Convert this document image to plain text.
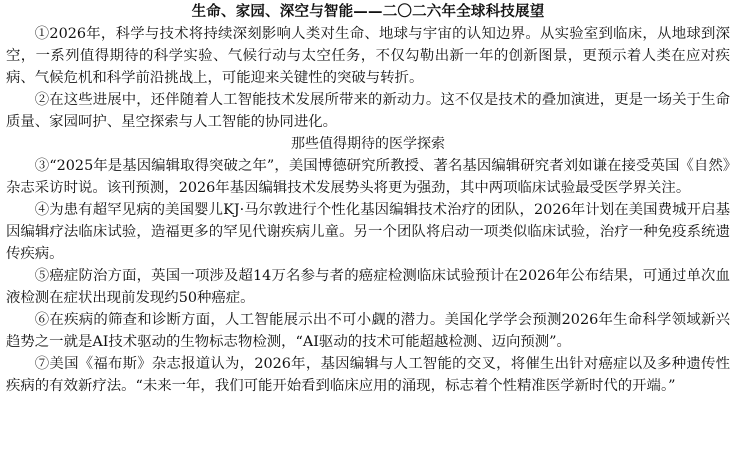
生命、家园、深空与智能——二〇二六年全球科技展望

①2026年，科学与技术将持续深刻影响人类对生命、地球与宇宙的认知边界。从实验室到临床，从地球到深空，一系列值得期待的科学实验、气候行动与太空任务，不仅勾勒出新一年的创新图景，更预示着人类在应对疾病、气候危机和科学前沿挑战上，可能迎来关键性的突破与转折。

②在这些进展中，还伴随着人工智能技术发展所带来的新动力。这不仅是技术的叠加演进，更是一场关于生命质量、家园呵护、星空探索与人工智能的协同进化。

那些值得期待的医学探索

③“2025年是基因编辑取得突破之年”，美国博德研究所教授、著名基因编辑研究者刘如谦在接受英国《自然》杂志采访时说。该刊预测，2026年基因编辑技术发展势头将更为强劲，其中两项临床试验最受医学界关注。

④为患有超罕见病的美国婴儿KJ·马尔敦进行个性化基因编辑技术治疗的团队，2026年计划在美国费城开启基因编辑疗法临床试验，造福更多的罕见代谢疾病儿童。另一个团队将启动一项类似临床试验，治疗一种免疫系统遗传疾病。

⑤癌症防治方面，英国一项涉及超14万名参与者的癌症检测临床试验预计在2026年公布结果，可通过单次血液检测在症状出现前发现约50种癌症。

⑥在疾病的筛查和诊断方面，人工智能展示出不可小觑的潜力。美国化学学会预测2026年生命科学领域新兴趋势之一就是AI技术驱动的生物标志物检测，“AI驱动的技术可能超越检测、迈向预测”。

⑦美国《福布斯》杂志报道认为，2026年，基因编辑与人工智能的交叉，将催生出针对癌症以及多种遗传性疾病的有效新疗法。“未来一年，我们可能开始看到临床应用的涌现，标志着个性精准医学新时代的开端。”
